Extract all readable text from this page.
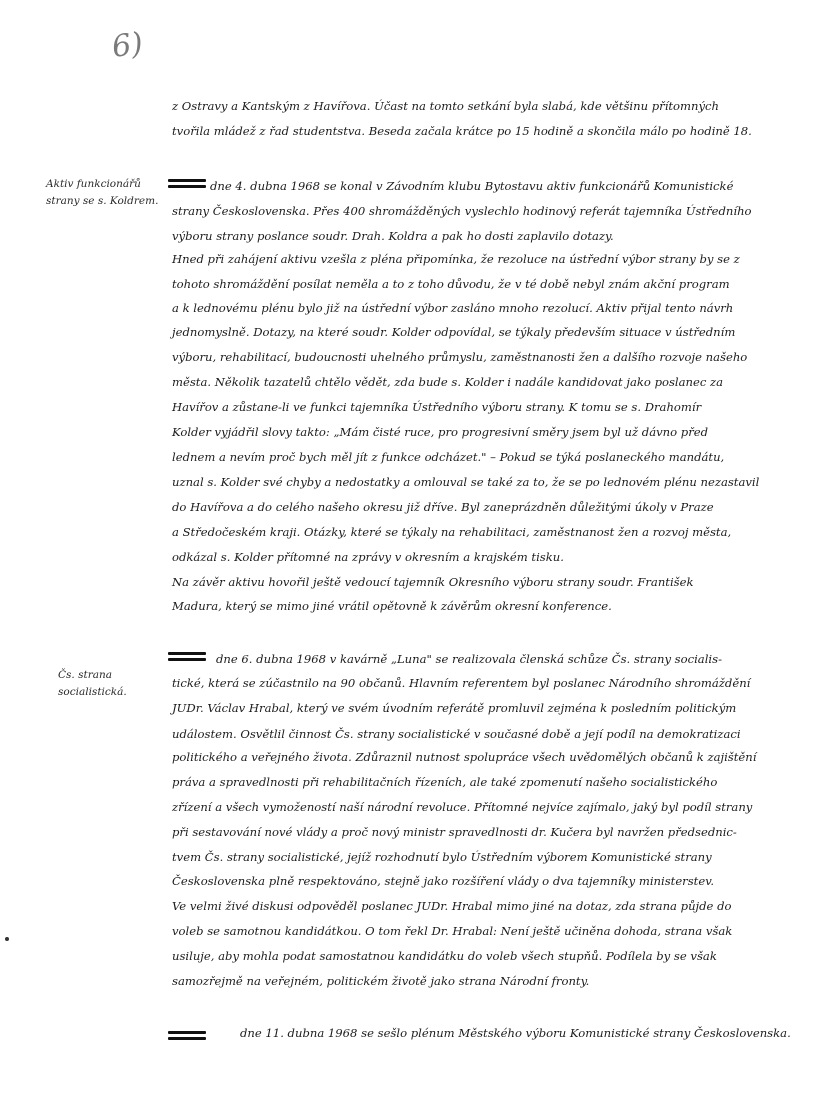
6)
Aktiv funkcionářů strany se s. Koldrem.
Čs. strana socialistická.
z Ostravy a Kantským z Havířova. Účast na tomto setkání byla slabá, kde většinu přítomných
tvořila mládež z řad studentstva. Beseda začala krátce po 15 hodině a skončila málo po hodině 18.
dne 4. dubna 1968 se konal v Závodním klubu Bytostavu aktiv funkcionářů Komunistické
strany Československa. Přes 400 shromážděných vyslechlo hodinový referát tajemníka Ústředního
výboru strany poslance soudr. Drah. Koldra a pak ho dosti zaplavilo dotazy.
Hned při zahájení aktivu vzešla z pléna připomínka, že rezoluce na ústřední výbor strany by se z
tohoto shromáždění posílat neměla a to z toho důvodu, že v té době nebyl znám akční program
a k lednovému plénu bylo již na ústřední výbor zasláno mnoho rezolucí. Aktiv přijal tento návrh
jednomyslně. Dotazy, na které soudr. Kolder odpovídal, se týkaly především situace v ústředním
výboru, rehabilitací, budoucnosti uhelného průmyslu, zaměstnanosti žen a dalšího rozvoje našeho
města. Několik tazatelů chtělo vědět, zda bude s. Kolder i nadále kandidovat jako poslanec za
Havířov a zůstane-li ve funkci tajemníka Ústředního výboru strany. K tomu se s. Drahomír
Kolder vyjádřil slovy takto: „Mám čisté ruce, pro progresivní směry jsem byl už dávno před
lednem a nevím proč bych měl jít z funkce odcházet." – Pokud se týká poslaneckého mandátu,
uznal s. Kolder své chyby a nedostatky a omlouval se také za to, že se po lednovém plénu nezastavil
do Havířova a do celého našeho okresu již dříve. Byl zaneprázdněn důležitými úkoly v Praze
a Středočeském kraji. Otázky, které se týkaly na rehabilitaci, zaměstnanost žen a rozvoj města,
odkázal s. Kolder přítomné na zprávy v okresním a krajském tisku.
Na závěr aktivu hovořil ještě vedoucí tajemník Okresního výboru strany soudr. František
Madura, který se mimo jiné vrátil opětovně k závěrům okresní konference.
dne 6. dubna 1968 v kavárně „Luna" se realizovala členská schůze Čs. strany socialis-
tické, která se zúčastnilo na 90 občanů. Hlavním referentem byl poslanec Národního shromáždění
JUDr. Václav Hrabal, který ve svém úvodním referátě promluvil zejména k posledním politickým
událostem. Osvětlil činnost Čs. strany socialistické v současné době a její podíl na demokratizaci
politického a veřejného života. Zdůraznil nutnost spolupráce všech uvědomělých občanů k zajištění
práva a spravedlnosti při rehabilitačních řízeních, ale také zpomenutí našeho socialistického
zřízení a všech vymožeností naší národní revoluce. Přítomné nejvíce zajímalo, jaký byl podíl strany
při sestavování nové vlády a proč nový ministr spravedlnosti dr. Kučera byl navržen předsednic-
tvem Čs. strany socialistické, jejíž rozhodnutí bylo Ústředním výborem Komunistické strany
Československa plně respektováno, stejně jako rozšíření vlády o dva tajemníky ministerstev.
Ve velmi živé diskusi odpověděl poslanec JUDr. Hrabal mimo jiné na dotaz, zda strana půjde do
voleb se samotnou kandidátkou. O tom řekl Dr. Hrabal: Není ještě učiněna dohoda, strana však
usiluje, aby mohla podat samostatnou kandidátku do voleb všech stupňů. Podílela by se však
samozřejmě na veřejném, politickém životě jako strana Národní fronty.
dne 11. dubna 1968 se sešlo plénum Městského výboru Komunistické strany Československa.
